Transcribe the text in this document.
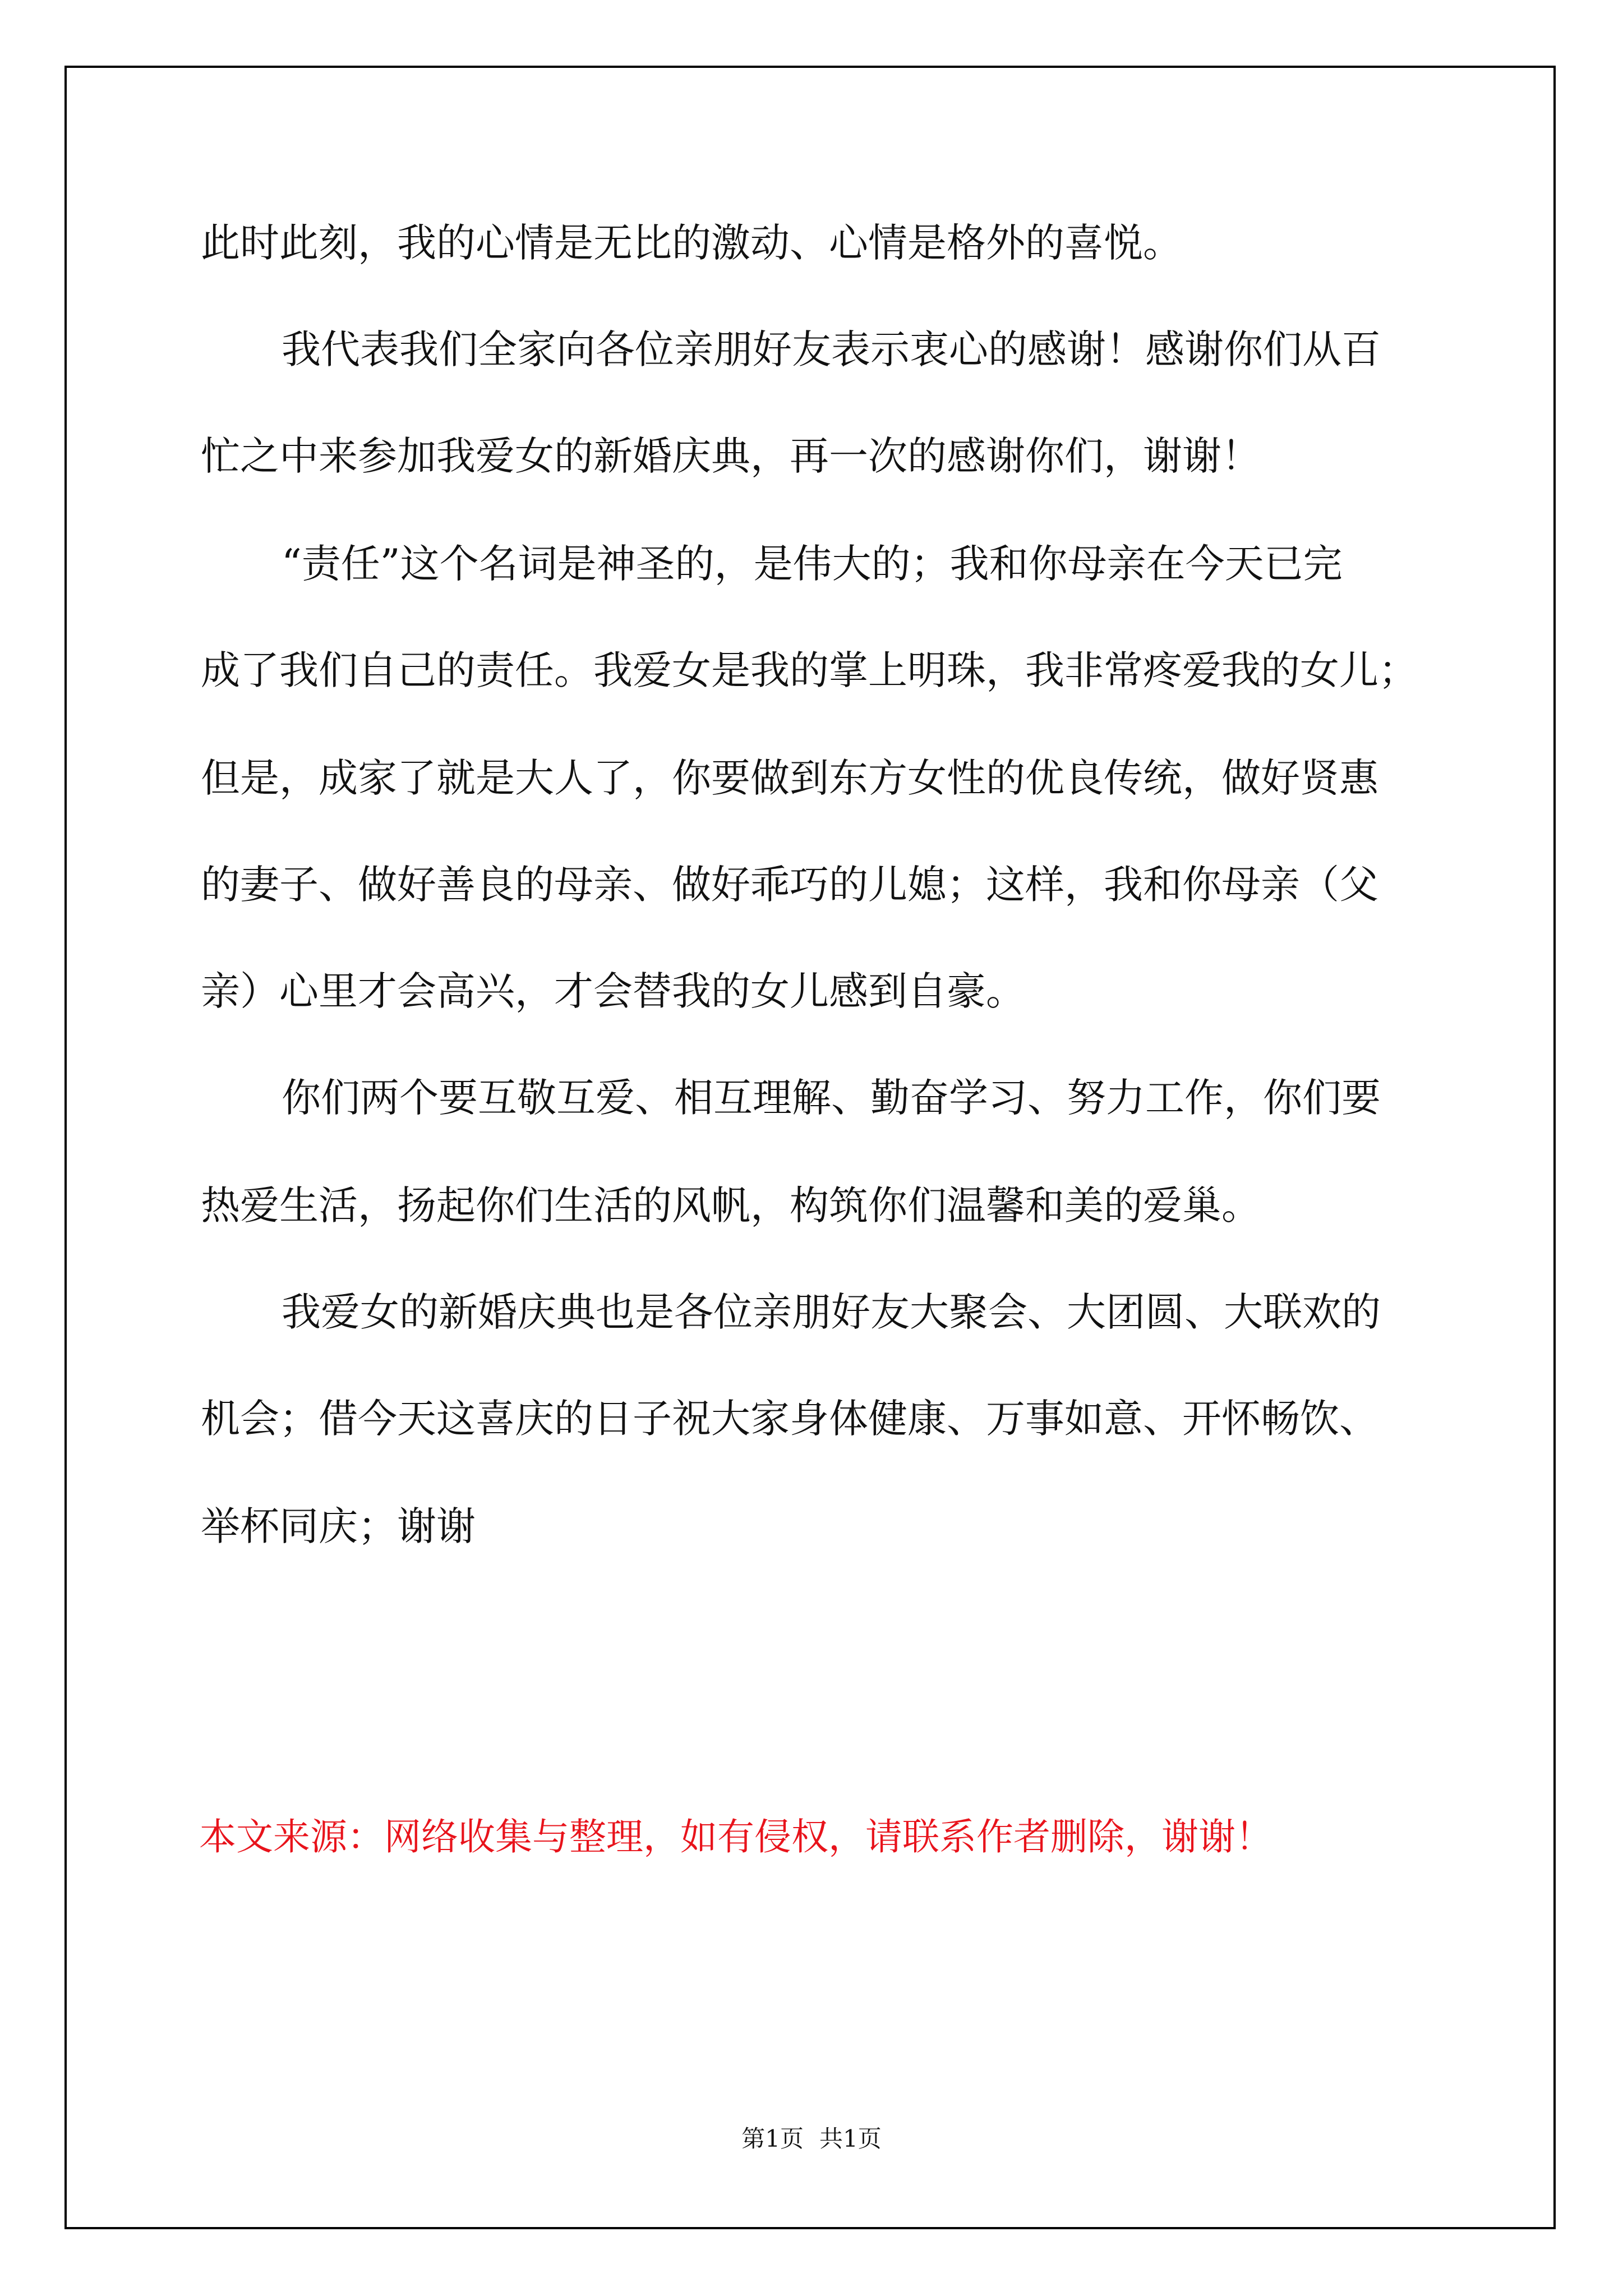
此时此刻，我的心情是无比的激动、心情是格外的喜悦。
我代表我们全家向各位亲朋好友表示衷心的感谢！感谢你们从百
忙之中来参加我爱女的新婚庆典，再一次的感谢你们，谢谢！
“责任”这个名词是神圣的，是伟大的；我和你母亲在今天已完
成了我们自己的责任。我爱女是我的掌上明珠，我非常疼爱我的女儿；
但是，成家了就是大人了，你要做到东方女性的优良传统，做好贤惠
的妻子、做好善良的母亲、做好乖巧的儿媳；这样，我和你母亲（父
亲）心里才会高兴，才会替我的女儿感到自豪。
你们两个要互敬互爱、相互理解、勤奋学习、努力工作，你们要
热爱生活，扬起你们生活的风帆，构筑你们温馨和美的爱巢。
我爱女的新婚庆典也是各位亲朋好友大聚会、大团圆、大联欢的
机会；借今天这喜庆的日子祝大家身体健康、万事如意、开怀畅饮、
举杯同庆；谢谢
本文来源：网络收集与整理，如有侵权，请联系作者删除，谢谢！
第1页 共1页
